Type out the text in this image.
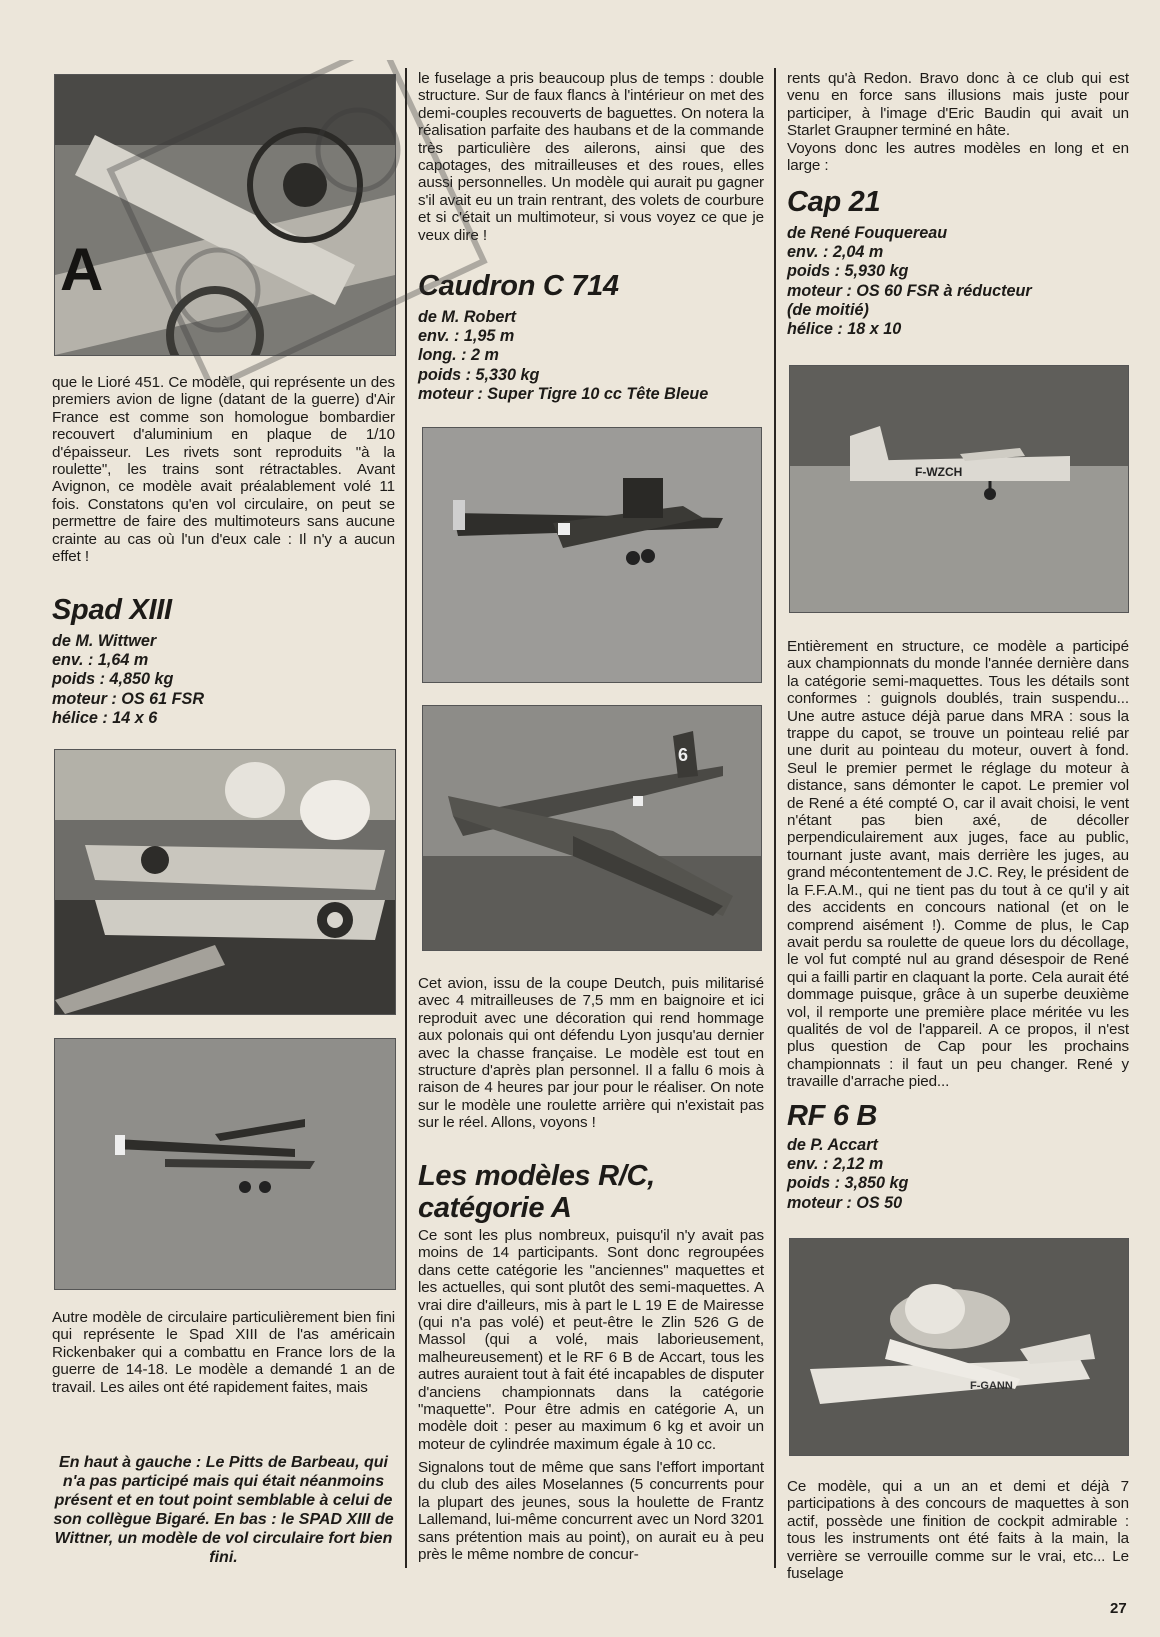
A

que le Lioré 451. Ce modèle, qui représente un des premiers avion de ligne (datant de la guerre) d'Air France est comme son homologue bombardier recouvert d'aluminium en plaque de 1/10 d'épaisseur. Les rivets sont reproduits "à la roulette", les trains sont rétractables. Avant Avignon, ce modèle avait préalablement volé 11 fois. Constatons qu'en vol circulaire, on peut se permettre de faire des multimoteurs sans aucune crainte au cas où l'un d'eux cale : Il n'y a aucun effet !

Spad XIII
de M. Wittwer
env. : 1,64 m
poids : 4,850 kg
moteur : OS 61 FSR
hélice : 14 x 6

Autre modèle de circulaire particulièrement bien fini qui représente le Spad XIII de l'as américain Rickenbaker qui a combattu en France lors de la guerre de 14-18. Le modèle a demandé 1 an de travail. Les ailes ont été rapidement faites, mais

En haut à gauche : Le Pitts de Barbeau, qui n'a pas participé mais qui était néanmoins présent et en tout point semblable à celui de son collègue Bigaré. En bas : le SPAD XIII de Wittner, un modèle de vol circulaire fort bien fini.

le fuselage a pris beaucoup plus de temps : double structure. Sur de faux flancs à l'intérieur on met des demi-couples recouverts de baguettes. On notera la réalisation parfaite des haubans et de la commande très particulière des ailerons, ainsi que des capotages, des mitrailleuses et des roues, elles aussi personnelles. Un modèle qui aurait pu gagner s'il avait eu un train rentrant, des volets de courbure et si c'était un multimoteur, si vous voyez ce que je veux dire !

Caudron C 714
de M. Robert
env. : 1,95 m
long. : 2 m
poids : 5,330 kg
moteur : Super Tigre 10 cc Tête Bleue
6

Cet avion, issu de la coupe Deutch, puis militarisé avec 4 mitrailleuses de 7,5 mm en baignoire et ici reproduit avec une décoration qui rend hommage aux polonais qui ont défendu Lyon jusqu'au dernier avec la chasse française. Le modèle est tout en structure d'après plan personnel. Il a fallu 6 mois à raison de 4 heures par jour pour le réaliser. On note sur le modèle une roulette arrière qui n'existait pas sur le réel. Allons, voyons !

Les modèles R/C, catégorie A

Ce sont les plus nombreux, puisqu'il n'y avait pas moins de 14 participants. Sont donc regroupées dans cette catégorie les "anciennes" maquettes et les actuelles, qui sont plutôt des semi-maquettes. A vrai dire d'ailleurs, mis à part le L 19 E de Mairesse (qui n'a pas volé) et peut-être le Zlin 526 G de Massol (qui a volé, mais laborieusement, malheureusement) et le RF 6 B de Accart, tous les autres auraient tout à fait été incapables de disputer d'anciens championnats dans la catégorie "maquette". Pour être admis en catégorie A, un modèle doit : peser au maximum 6 kg et avoir un moteur de cylindrée maximum égale à 10 cc.

Signalons tout de même que sans l'effort important du club des ailes Moselannes (5 concurrents pour la plupart des jeunes, sous la houlette de Frantz Lallemand, lui-même concurrent avec un Nord 3201 sans prétention mais au point), on aurait eu à peu près le même nombre de concur-

rents qu'à Redon. Bravo donc à ce club qui est venu en force sans illusions mais juste pour participer, à l'image d'Eric Baudin qui avait un Starlet Graupner terminé en hâte.

Voyons donc les autres modèles en long et en large :

Cap 21
de René Fouquereau
env. : 2,04 m
poids : 5,930 kg
moteur : OS 60 FSR à réducteur
(de moitié)
hélice : 18 x 10
F-WZCH

Entièrement en structure, ce modèle a participé aux championnats du monde l'année dernière dans la catégorie semi-maquettes. Tous les détails sont conformes : guignols doublés, train suspendu... Une autre astuce déjà parue dans MRA : sous la trappe du capot, se trouve un pointeau relié par une durit au pointeau du moteur, ouvert à fond. Seul le premier permet le réglage du moteur à distance, sans démonter le capot. Le premier vol de René a été compté O, car il avait choisi, le vent n'étant pas bien axé, de décoller perpendiculairement aux juges, face au public, tournant juste avant, mais derrière les juges, au grand mécontentement de J.C. Rey, le président de la F.F.A.M., qui ne tient pas du tout à ce qu'il y ait des accidents en concours national (et on le comprend aisément !). Comme de plus, le Cap avait perdu sa roulette de queue lors du décollage, le vol fut compté nul au grand désespoir de René qui a failli partir en claquant la porte. Cela aurait été dommage puisque, grâce à un superbe deuxième vol, il remporte une première place méritée vu les qualités de vol de l'appareil. A ce propos, il n'est plus question de Cap pour les prochains championnats : il faut un peu changer. René y travaille d'arrache pied...

RF 6 B
de P. Accart
env. : 2,12 m
poids : 3,850 kg
moteur : OS 50
F-GANN

Ce modèle, qui a un an et demi et déjà 7 participations à des concours de maquettes à son actif, possède une finition de cockpit admirable : tous les instruments ont été faits à la main, la verrière se verrouille comme sur le vrai, etc... Le fuselage

27
